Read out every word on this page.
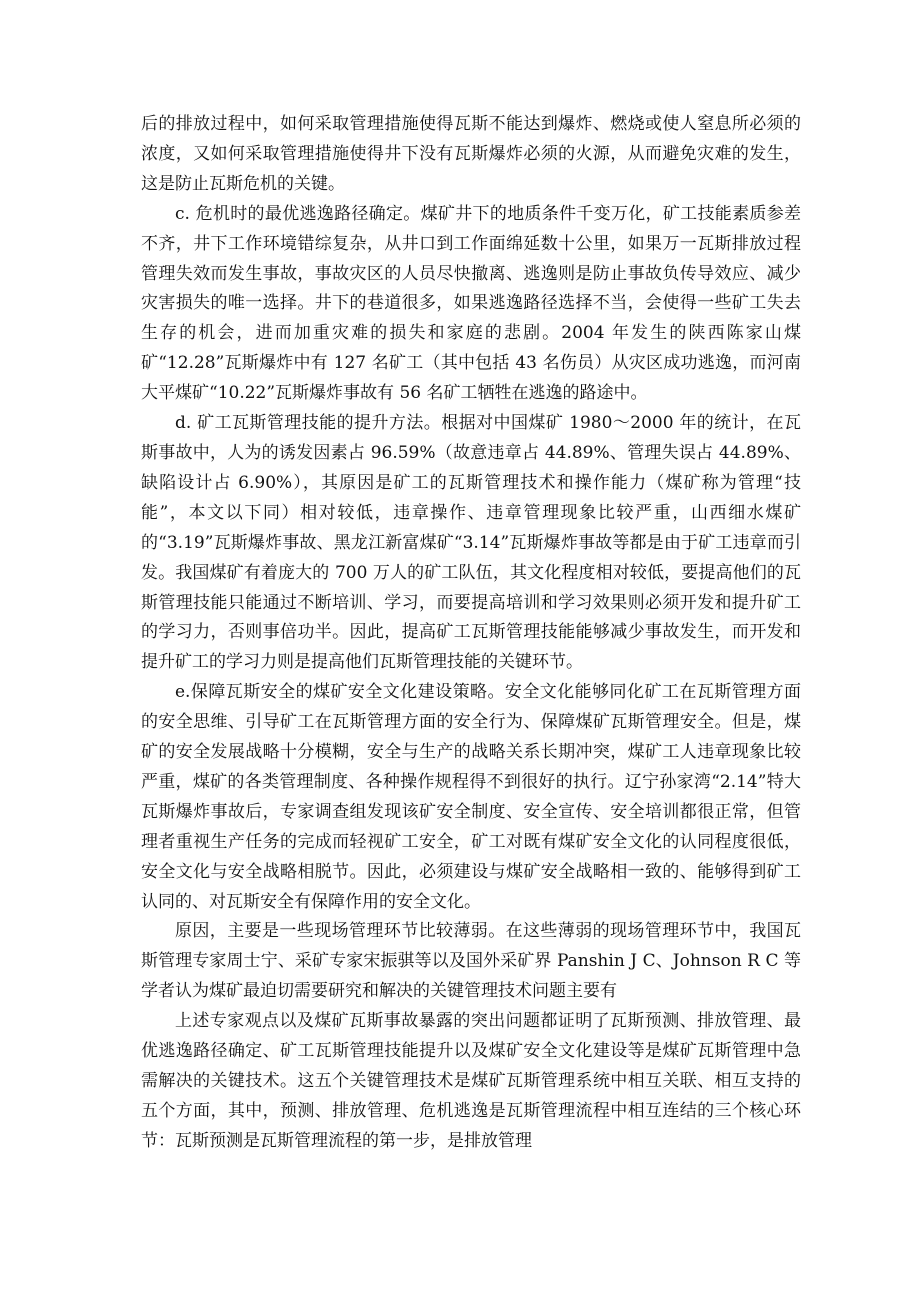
后的排放过程中，如何采取管理措施使得瓦斯不能达到爆炸、燃烧或使人窒息所必须的浓度，又如何采取管理措施使得井下没有瓦斯爆炸必须的火源，从而避免灾难的发生，这是防止瓦斯危机的关键。

c. 危机时的最优逃逸路径确定。煤矿井下的地质条件千变万化，矿工技能素质参差不齐，井下工作环境错综复杂，从井口到工作面绵延数十公里，如果万一瓦斯排放过程管理失效而发生事故，事故灾区的人员尽快撤离、逃逸则是防止事故负传导效应、减少灾害损失的唯一选择。井下的巷道很多，如果逃逸路径选择不当，会使得一些矿工失去生存的机会，进而加重灾难的损失和家庭的悲剧。2004 年发生的陕西陈家山煤矿“12.28”瓦斯爆炸中有 127 名矿工（其中包括 43 名伤员）从灾区成功逃逸，而河南大平煤矿“10.22”瓦斯爆炸事故有 56 名矿工牺牲在逃逸的路途中。

d. 矿工瓦斯管理技能的提升方法。根据对中国煤矿 1980～2000 年的统计，在瓦斯事故中，人为的诱发因素占 96.59%（故意违章占 44.89%、管理失误占 44.89%、缺陷设计占 6.90%），其原因是矿工的瓦斯管理技术和操作能力（煤矿称为管理“技能”，本文以下同）相对较低，违章操作、违章管理现象比较严重，山西细水煤矿的“3.19”瓦斯爆炸事故、黑龙江新富煤矿“3.14”瓦斯爆炸事故等都是由于矿工违章而引发。我国煤矿有着庞大的 700 万人的矿工队伍，其文化程度相对较低，要提高他们的瓦斯管理技能只能通过不断培训、学习，而要提高培训和学习效果则必须开发和提升矿工的学习力，否则事倍功半。因此，提高矿工瓦斯管理技能能够减少事故发生，而开发和提升矿工的学习力则是提高他们瓦斯管理技能的关键环节。

e.保障瓦斯安全的煤矿安全文化建设策略。安全文化能够同化矿工在瓦斯管理方面的安全思维、引导矿工在瓦斯管理方面的安全行为、保障煤矿瓦斯管理安全。但是，煤矿的安全发展战略十分模糊，安全与生产的战略关系长期冲突，煤矿工人违章现象比较严重，煤矿的各类管理制度、各种操作规程得不到很好的执行。辽宁孙家湾“2.14”特大瓦斯爆炸事故后，专家调查组发现该矿安全制度、安全宣传、安全培训都很正常，但管理者重视生产任务的完成而轻视矿工安全，矿工对既有煤矿安全文化的认同程度很低，安全文化与安全战略相脱节。因此，必须建设与煤矿安全战略相一致的、能够得到矿工认同的、对瓦斯安全有保障作用的安全文化。

原因，主要是一些现场管理环节比较薄弱。在这些薄弱的现场管理环节中，我国瓦斯管理专家周士宁、采矿专家宋振骐等以及国外采矿界 Panshin J C、Johnson R C 等学者认为煤矿最迫切需要研究和解决的关键管理技术问题主要有

上述专家观点以及煤矿瓦斯事故暴露的突出问题都证明了瓦斯预测、排放管理、最优逃逸路径确定、矿工瓦斯管理技能提升以及煤矿安全文化建设等是煤矿瓦斯管理中急需解决的关键技术。这五个关键管理技术是煤矿瓦斯管理系统中相互关联、相互支持的五个方面，其中，预测、排放管理、危机逃逸是瓦斯管理流程中相互连结的三个核心环节：瓦斯预测是瓦斯管理流程的第一步，是排放管理
